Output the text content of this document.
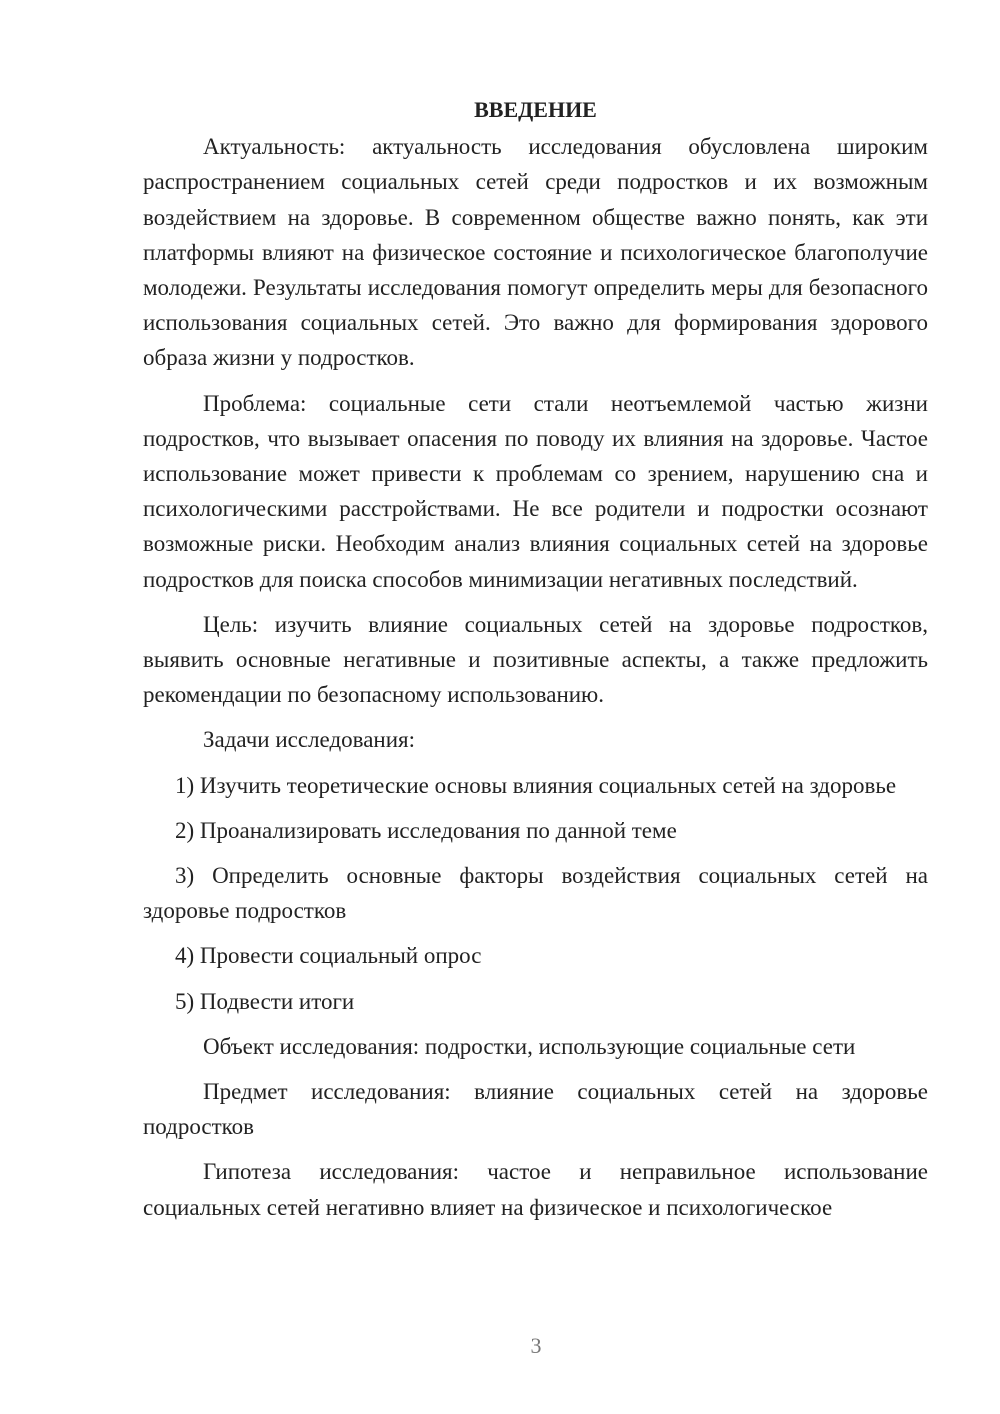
ВВЕДЕНИЕ

Актуальность: актуальность исследования обусловлена широким распространением социальных сетей среди подростков и их возможным воздействием на здоровье. В современном обществе важно понять, как эти платформы влияют на физическое состояние и психологическое благополучие молодежи. Результаты исследования помогут определить меры для безопасного использования социальных сетей. Это важно для формирования здорового образа жизни у подростков.

Проблема: социальные сети стали неотъемлемой частью жизни подростков, что вызывает опасения по поводу их влияния на здоровье. Частое использование может привести к проблемам со зрением, нарушению сна и психологическими расстройствами. Не все родители и подростки осознают возможные риски. Необходим анализ влияния социальных сетей на здоровье подростков для поиска способов минимизации негативных последствий.

Цель: изучить влияние социальных сетей на здоровье подростков, выявить основные негативные и позитивные аспекты, а также предложить рекомендации по безопасному использованию.

Задачи исследования:

1) Изучить теоретические основы влияния социальных сетей на здоровье

2) Проанализировать исследования по данной теме

3) Определить основные факторы воздействия социальных сетей на здоровье подростков

4) Провести социальный опрос

5) Подвести итоги

Объект исследования: подростки, использующие социальные сети

Предмет исследования: влияние социальных сетей на здоровье подростков

Гипотеза исследования: частое и неправильное использование социальных сетей негативно влияет на физическое и психологическое

3
